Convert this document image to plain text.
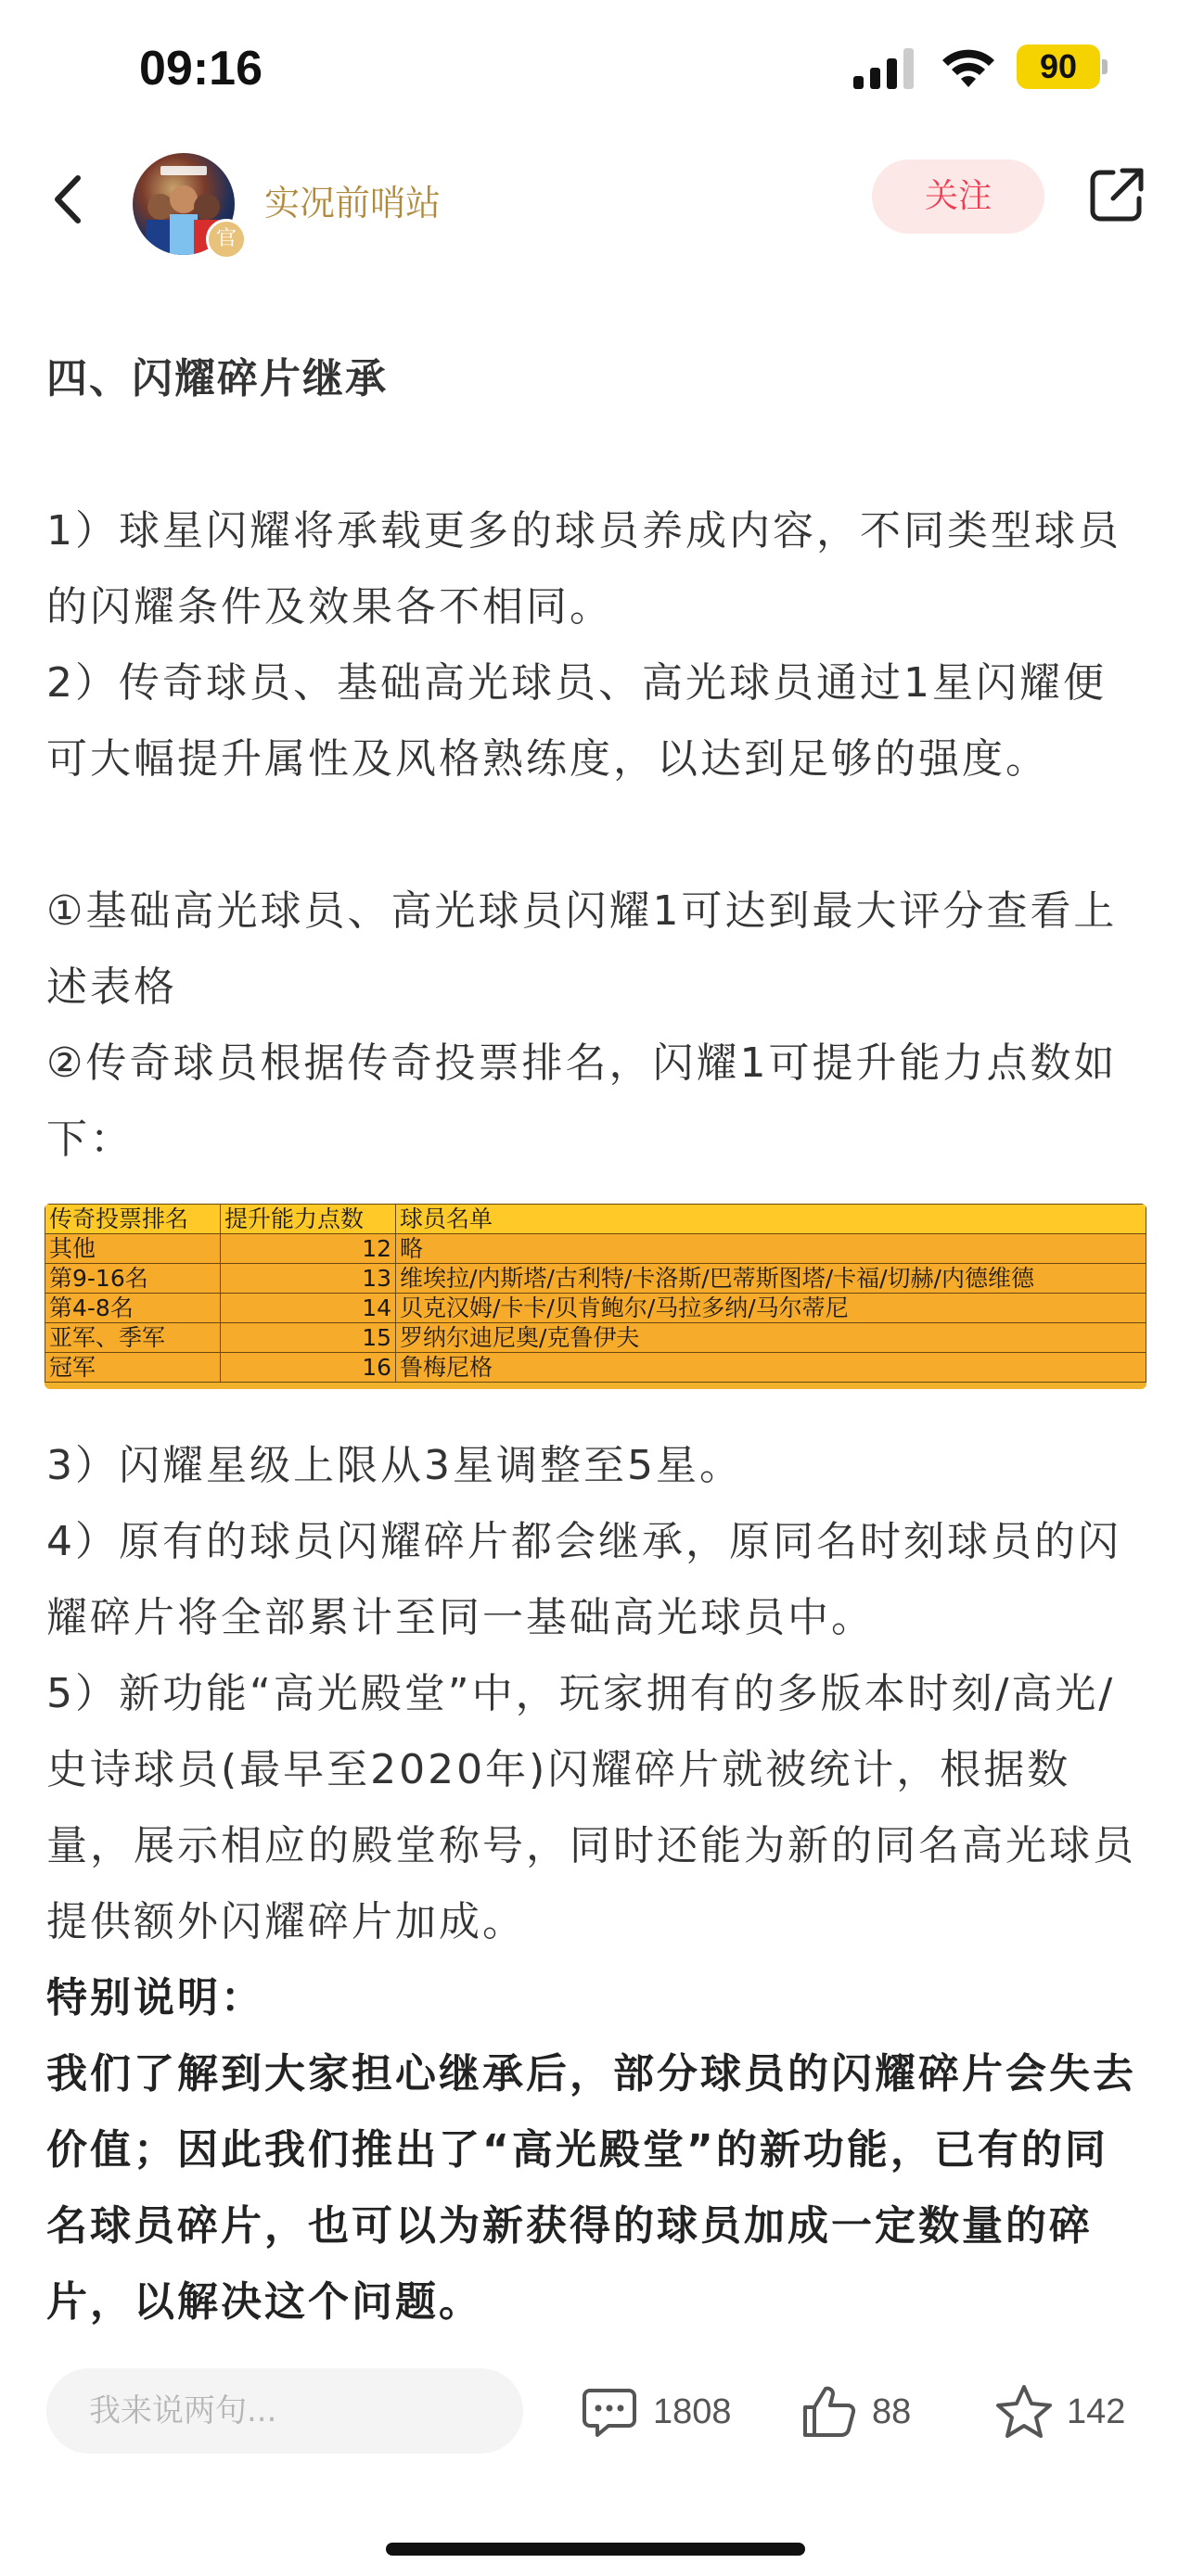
09:16	90
官
实况前哨站	关注
四、闪耀碎片继承
1）球星闪耀将承载更多的球员养成内容，不同类型球员的闪耀条件及效果各不相同。
2）传奇球员、基础高光球员、高光球员通过1星闪耀便可大幅提升属性及风格熟练度，以达到足够的强度。
①基础高光球员、高光球员闪耀1可达到最大评分查看上述表格
②传奇球员根据传奇投票排名，闪耀1可提升能力点数如下：
传奇投票排名	提升能力点数	球员名单
其他	12	略
第9-16名	13	维埃拉/内斯塔/古利特/卡洛斯/巴蒂斯图塔/卡福/切赫/内德维德
第4-8名	14	贝克汉姆/卡卡/贝肯鲍尔/马拉多纳/马尔蒂尼
亚军、季军	15	罗纳尔迪尼奥/克鲁伊夫
冠军	16	鲁梅尼格
3）闪耀星级上限从3星调整至5星。
4）原有的球员闪耀碎片都会继承，原同名时刻球员的闪耀碎片将全部累计至同一基础高光球员中。
5）新功能“高光殿堂”中，玩家拥有的多版本时刻/高光/史诗球员(最早至2020年)闪耀碎片就被统计，根据数量，展示相应的殿堂称号，同时还能为新的同名高光球员提供额外闪耀碎片加成。
特别说明：
我们了解到大家担心继承后，部分球员的闪耀碎片会失去价值；因此我们推出了“高光殿堂”的新功能，已有的同名球员碎片，也可以为新获得的球员加成一定数量的碎片，以解决这个问题。
我来说两句...	1808	88	142
